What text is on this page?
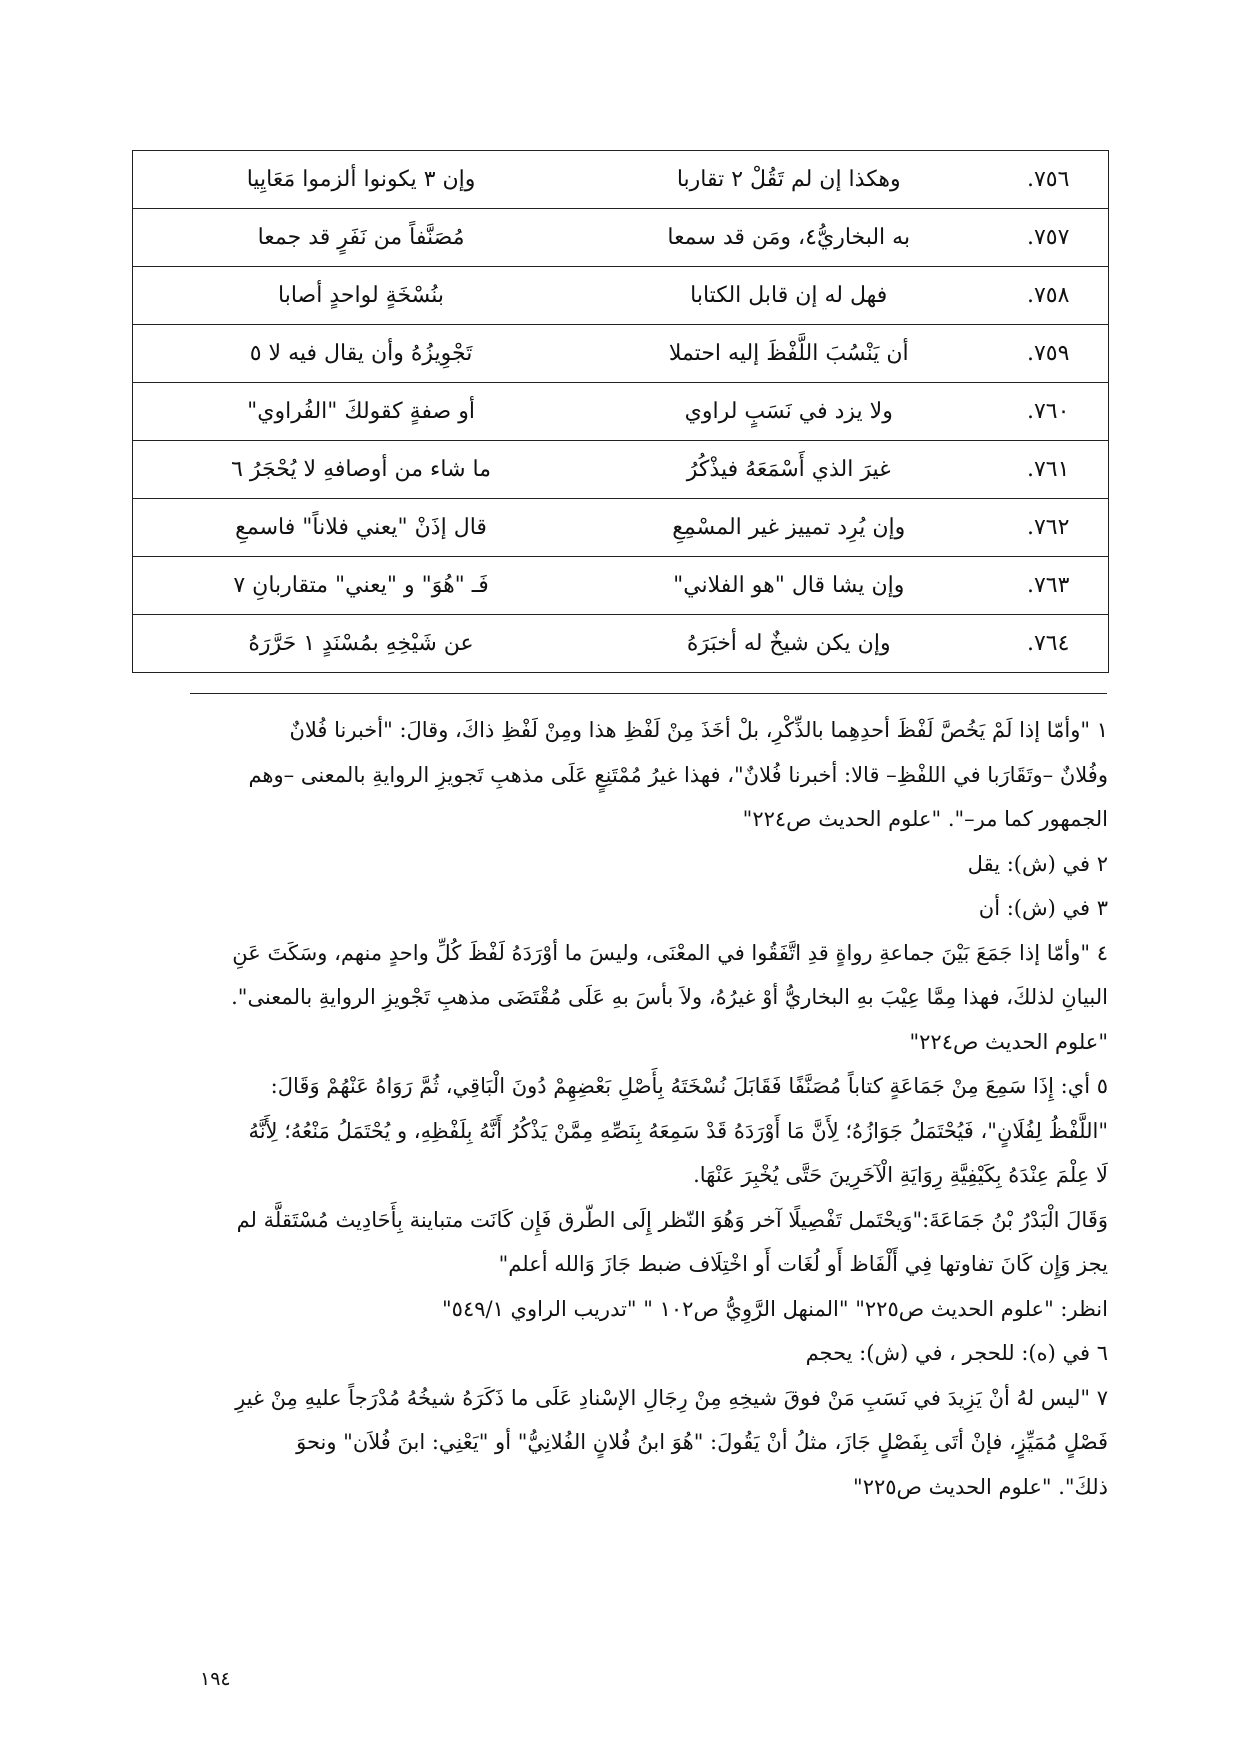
٧٥٦.	وهكذا إن لم تَقُلْ ٢ تقاربا	وإن ٣ يكونوا ألزموا مَعَايِيا
٧٥٧.	به البخاريُّ٤، ومَن قد سمعا	مُصَنَّفاً من نَفَرٍ قد جمعا
٧٥٨.	فهل له إن قابل الكتابا	بنُسْخَةٍ لواحدٍ أصابا
٧٥٩.	أن يَنْسُبَ اللَّفْظَ إليه احتملا	تَجْوِيزُهُ وأن يقال فيه لا ٥
٧٦٠.	ولا يزد في نَسَبٍ لراوي	أو صفةٍ كقولكَ "الفُراوي"
٧٦١.	غيرَ الذي أَسْمَعَهُ فيذْكُرُ	ما شاء من أوصافهِ لا يُحْجَرُ ٦
٧٦٢.	وإن يُرِد تمييز غير المسْمِعِ	قال إذَنْ "يعني فلاناً" فاسمعِ
٧٦٣.	وإن يشا قال "هو الفلاني"	فَـ "هُوَ" و "يعني" متقاربانِ ٧
٧٦٤.	وإن يكن شيخٌ له أخبَرَهُ	عن شَيْخِهِ بمُسْنَدٍ ١ حَرَّرَهُ
١ "وأمّا إذا لَمْ يَخُصَّ لَفْظَ أحدِهِما بالذِّكْرِ، بلْ أخَذَ مِنْ لَفْظِ هذا ومِنْ لَفْظِ ذاكَ، وقالَ: "أخبرنا فُلانٌ
وفُلانٌ –وتَقَارَبا في اللفْظِ– قالا: أخبرنا فُلانٌ"، فهذا غيرُ مُمْتَنِعٍ عَلَى مذهبِ تَجويزِ الروايةِ بالمعنى –وهم
الجمهور كما مر–". "علوم الحديث ص٢٢٤"
٢ في (ش): يقل
٣ في (ش): أن
٤ "وأمّا إذا جَمَعَ بَيْنَ جماعةِ رواةٍ قدِ اتَّفَقُوا في المعْنَى، وليسَ ما أوْرَدَهُ لَفْظَ كُلِّ واحدٍ منهم، وسَكَتَ عَنِ
البيانِ لذلكَ، فهذا مِمَّا عِيْبَ بهِ البخاريُّ أوْ غيرُهُ، ولاَ بأسَ بهِ عَلَى مُقْتَضَى مذهبِ تَجْويزِ الروايةِ بالمعنى".
"علوم الحديث ص٢٢٤"
٥ أي: إِذَا سَمِعَ مِنْ جَمَاعَةٍ كتاباً مُصَنَّفًا فَقَابَلَ نُسْخَتَهُ بِأَصْلِ بَعْضِهِمْ دُونَ الْبَاقِي، ثُمَّ رَوَاهُ عَنْهُمْ وَقَالَ:
"اللَّفْظُ لِفُلَانٍ"، فَيُحْتَمَلُ جَوَازُهُ؛ لِأَنَّ مَا أَوْرَدَهُ قَدْ سَمِعَهُ بِنَصِّهِ مِمَّنْ يَذْكُرُ أَنَّهُ بِلَفْظِهِ، و يُحْتَمَلُ مَنْعُهُ؛ لِأَنَّهُ
لَا عِلْمَ عِنْدَهُ بِكَيْفِيَّةِ رِوَايَةِ الْآخَرِينَ حَتَّى يُخْبِرَ عَنْهَا.
وَقَالَ الْبَدْرُ بْنُ جَمَاعَةَ:"وَيحْتَمل تَفْصِيلًا آخر وَهُوَ النّظر إِلَى الطّرق فَإِن كَانَت متباينة بِأَحَادِيث مُسْتَقلَّة لم
يجز وَإِن كَانَ تفاوتها فِي أَلْفَاظ أَو لُغَات أَو اخْتِلَاف ضبط جَازَ وَالله أعلم"
انظر: "علوم الحديث ص٢٢٥" "المنهل الرَّوِيُّ ص١٠٢ " "تدريب الراوي ٥٤٩/١"
٦ في (ه): للحجر ، في (ش): يحجم
٧ "ليس لهُ أنْ يَزِيدَ في نَسَبِ مَنْ فوقَ شيخِهِ مِنْ رِجَالِ الإسْنادِ عَلَى ما ذَكَرَهُ شيخُهُ مُدْرَجاً عليهِ مِنْ غيرِ
فَصْلٍ مُمَيِّزٍ، فإنْ أتَى بِفَصْلٍ جَازَ، مثلُ أنْ يَقُولَ: "هُوَ ابنُ فُلانٍ الفُلانِيُّ" أو "يَعْنِي: ابنَ فُلاَن" ونحوَ
ذلكَ". "علوم الحديث ص٢٢٥"
١٩٤
